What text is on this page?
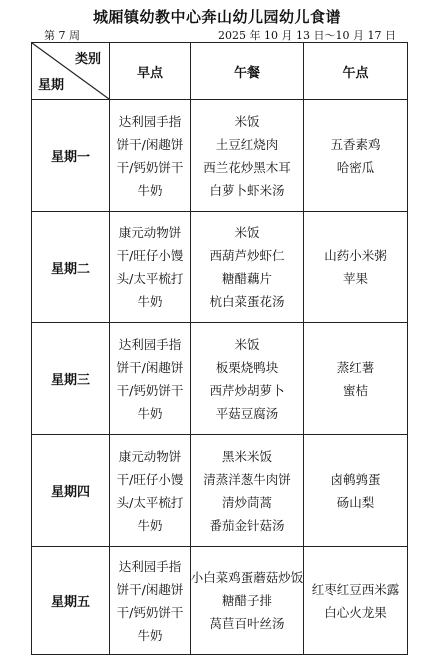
城厢镇幼教中心奔山幼儿园幼儿食谱
第 7 周	2025 年 10 月 13 日～10 月 17 日
类别
星期	早点	午餐	午点
星期一	达利园手指
饼干/闲趣饼
干/钙奶饼干
牛奶	米饭
土豆红烧肉
西兰花炒黑木耳
白萝卜虾米汤	五香素鸡
哈密瓜

星期二	康元动物饼
干/旺仔小馒
头/太平梳打
牛奶	米饭
西葫芦炒虾仁
糖醋藕片
杭白菜蛋花汤	山药小米粥
苹果

星期三	达利园手指
饼干/闲趣饼
干/钙奶饼干
牛奶	米饭
板栗烧鸭块
西芹炒胡萝卜
平菇豆腐汤	蒸红薯
蜜桔

星期四	康元动物饼
干/旺仔小馒
头/太平梳打
牛奶	黑米米饭
清蒸洋葱牛肉饼
清炒茼蒿
番茄金针菇汤	卤鹌鹑蛋
砀山梨

星期五	达利园手指
饼干/闲趣饼
干/钙奶饼干
牛奶	小白菜鸡蛋蘑菇炒饭
糖醋子排
莴苣百叶丝汤	红枣红豆西米露
白心火龙果
